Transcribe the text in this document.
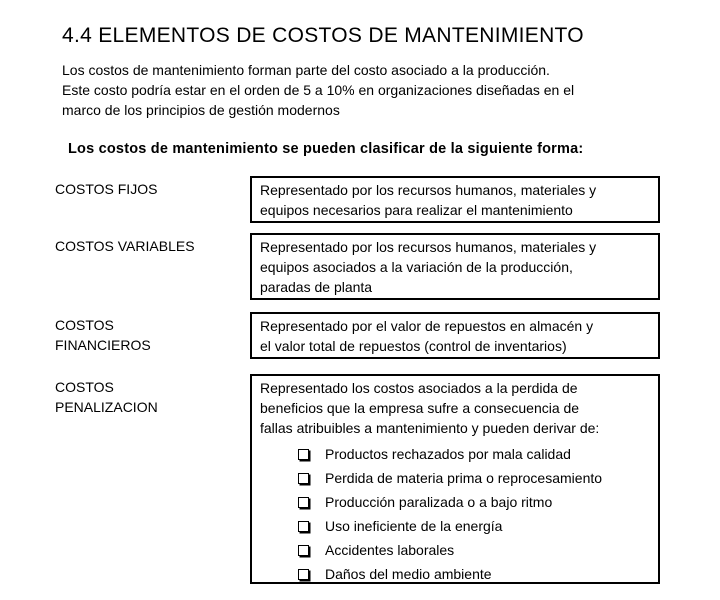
4.4 ELEMENTOS DE COSTOS DE MANTENIMIENTO
Los costos de mantenimiento forman parte del costo asociado a la producción.
Este costo podría estar en el orden de 5 a 10% en organizaciones diseñadas en el
marco de los principios de gestión modernos
Los costos de mantenimiento se pueden clasificar de la siguiente forma:
COSTOS FIJOS	Representado por los recursos humanos, materiales y
equipos necesarios para realizar el mantenimiento
COSTOS VARIABLES	Representado por los recursos humanos, materiales y
equipos asociados a la variación de la producción,
paradas de planta
COSTOS
FINANCIEROS
Representado por el valor de repuestos en almacén y
el valor total de repuestos (control de inventarios)
COSTOS
PENALIZACION
Representado los costos asociados a la perdida de
beneficios que la empresa sufre a consecuencia de
fallas atribuibles a mantenimiento y pueden derivar de:
Productos rechazados por mala calidad
Perdida de materia prima o reprocesamiento
Producción paralizada o a bajo ritmo
Uso ineficiente de la energía
Accidentes laborales
Daños del medio ambiente
